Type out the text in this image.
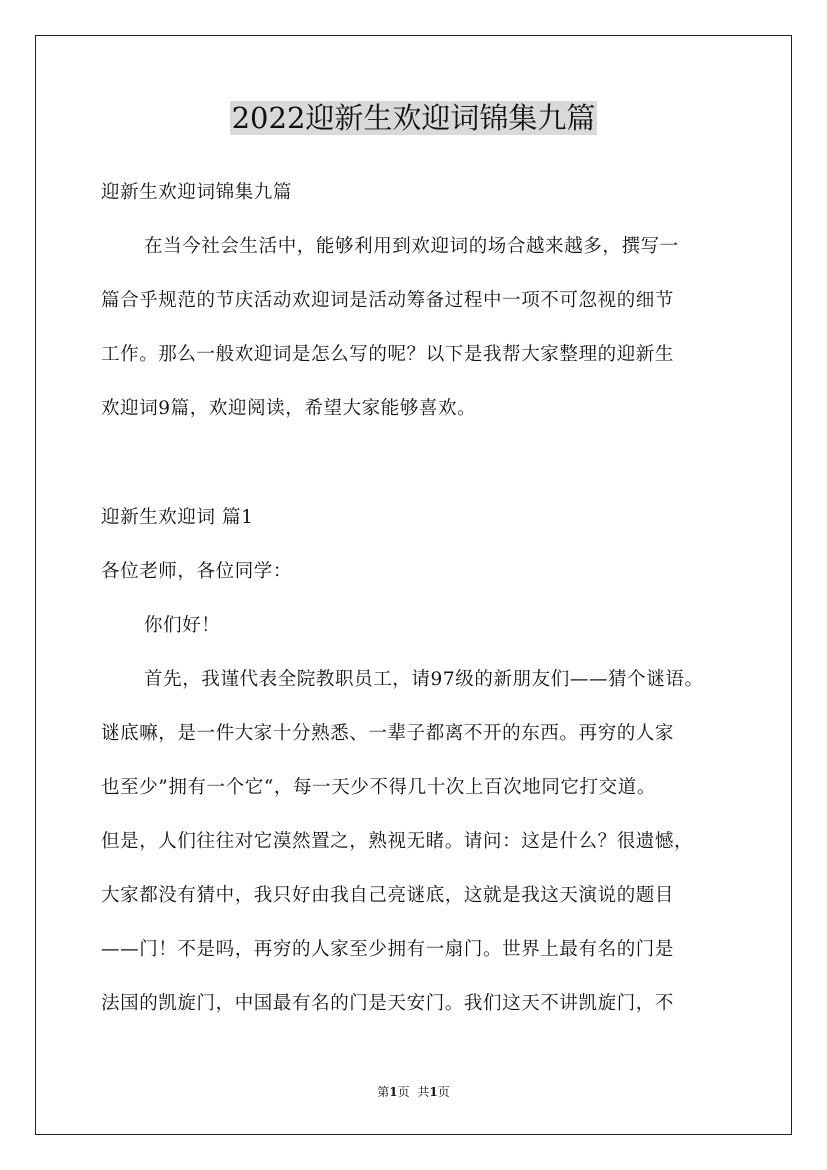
2022迎新生欢迎词锦集九篇
迎新生欢迎词锦集九篇
在当今社会生活中，能够利用到欢迎词的场合越来越多，撰写一
篇合乎规范的节庆活动欢迎词是活动筹备过程中一项不可忽视的细节
工作。那么一般欢迎词是怎么写的呢？以下是我帮大家整理的迎新生
欢迎词9篇，欢迎阅读，希望大家能够喜欢。
迎新生欢迎词 篇1
各位老师，各位同学：
你们好！
首先，我谨代表全院教职员工，请97级的新朋友们——猜个谜语。
谜底嘛，是一件大家十分熟悉、一辈子都离不开的东西。再穷的人家
也至少”拥有一个它“，每一天少不得几十次上百次地同它打交道。
但是，人们往往对它漠然置之，熟视无睹。请问：这是什么？很遗憾，
大家都没有猜中，我只好由我自己亮谜底，这就是我这天演说的题目
——门！不是吗，再穷的人家至少拥有一扇门。世界上最有名的门是
法国的凯旋门，中国最有名的门是天安门。我们这天不讲凯旋门，不
第1页 共1页
